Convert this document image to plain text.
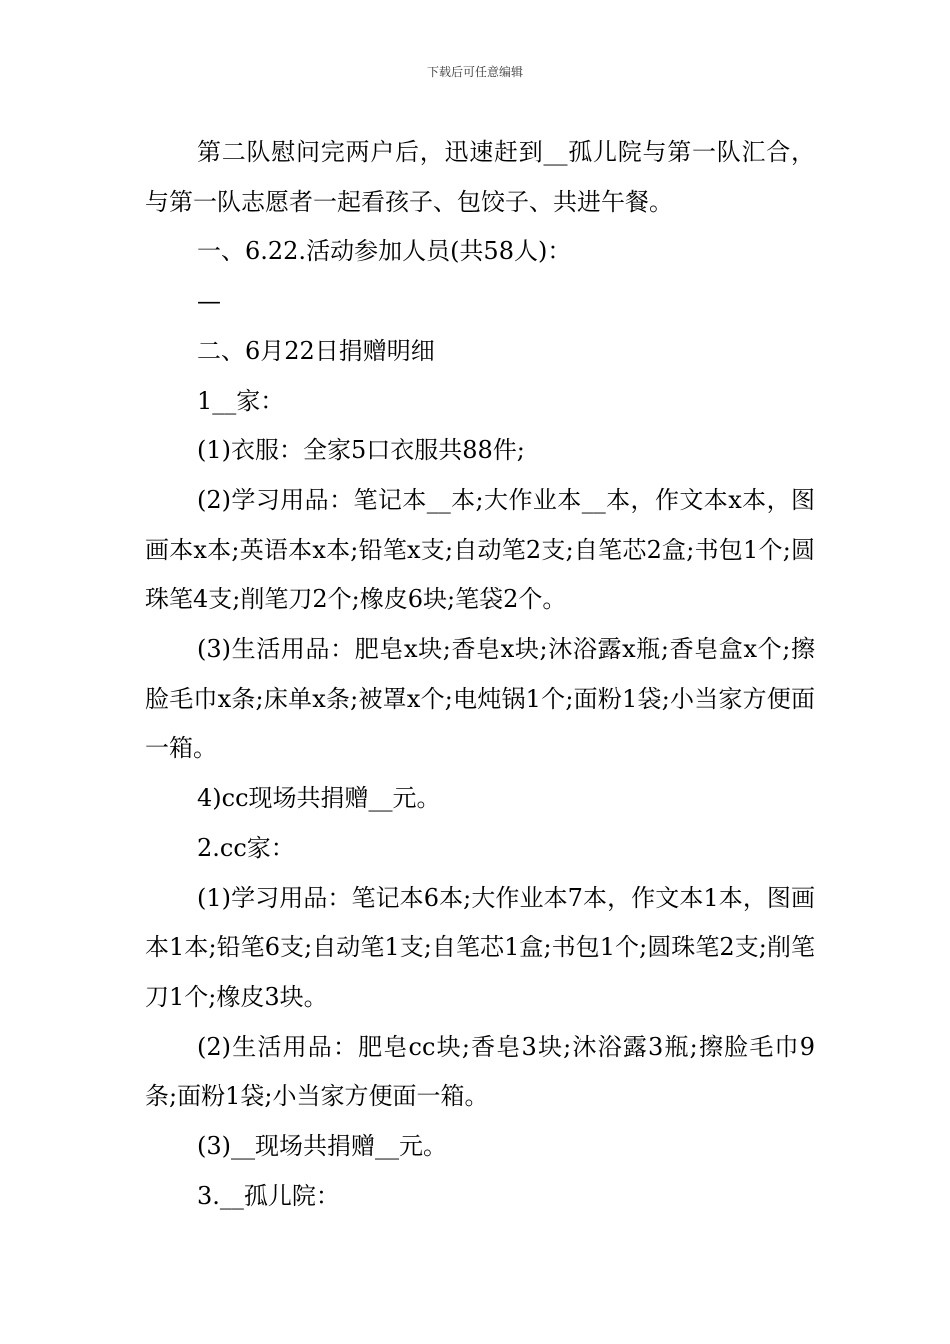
下载后可任意编辑

第二队慰问完两户后，迅速赶到__孤儿院与第一队汇合，与第一队志愿者一起看孩子、包饺子、共进午餐。

一、6.22.活动参加人员(共58人)：

—

二、6月22日捐赠明细

1__家：

(1)衣服：全家5口衣服共88件;

(2)学习用品：笔记本__本;大作业本__本，作文本x本，图画本x本;英语本x本;铅笔x支;自动笔2支;自笔芯2盒;书包1个;圆珠笔4支;削笔刀2个;橡皮6块;笔袋2个。

(3)生活用品：肥皂x块;香皂x块;沐浴露x瓶;香皂盒x个;擦脸毛巾x条;床单x条;被罩x个;电炖锅1个;面粉1袋;小当家方便面一箱。

4)cc现场共捐赠__元。

2.cc家：

(1)学习用品：笔记本6本;大作业本7本，作文本1本，图画本1本;铅笔6支;自动笔1支;自笔芯1盒;书包1个;圆珠笔2支;削笔刀1个;橡皮3块。

(2)生活用品：肥皂cc块;香皂3块;沐浴露3瓶;擦脸毛巾9条;面粉1袋;小当家方便面一箱。

(3)__现场共捐赠__元。

3.__孤儿院：
